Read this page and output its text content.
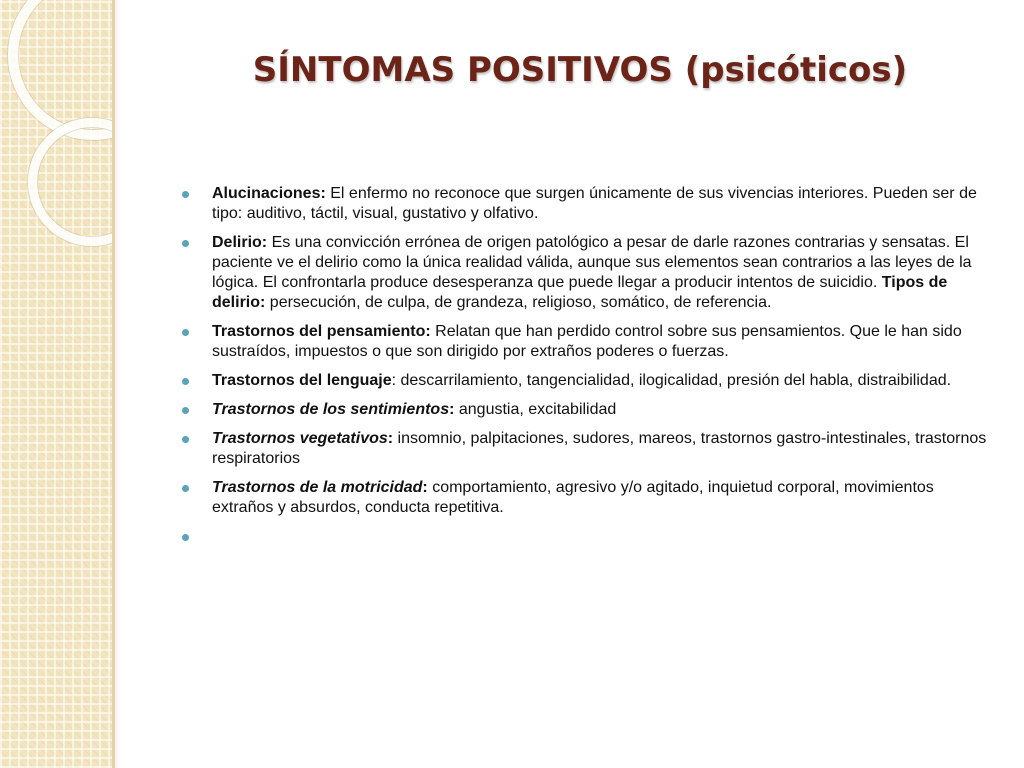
SÍNTOMAS POSITIVOS (psicóticos)
Alucinaciones: El enfermo no reconoce que surgen únicamente de sus vivencias interiores. Pueden ser de tipo: auditivo, táctil, visual, gustativo y olfativo.
Delirio: Es una convicción errónea de origen patológico a pesar de darle razones contrarias y sensatas. El paciente ve el delirio como la única realidad válida, aunque sus elementos sean contrarios a las leyes de la lógica. El confrontarla produce desesperanza que puede llegar a producir intentos de suicidio. Tipos de delirio: persecución, de culpa, de grandeza, religioso, somático, de referencia.
Trastornos del pensamiento: Relatan que han perdido control sobre sus pensamientos. Que le han sido sustraídos, impuestos o que son dirigido por extraños poderes o fuerzas.
Trastornos del lenguaje: descarrilamiento, tangencialidad, ilogicalidad, presión del habla, distraibilidad.
Trastornos de los sentimientos: angustia, excitabilidad
Trastornos vegetativos: insomnio, palpitaciones, sudores, mareos, trastornos gastro-intestinales, trastornos respiratorios
Trastornos de la motricidad: comportamiento, agresivo y/o agitado, inquietud corporal, movimientos extraños y absurdos, conducta repetitiva.
